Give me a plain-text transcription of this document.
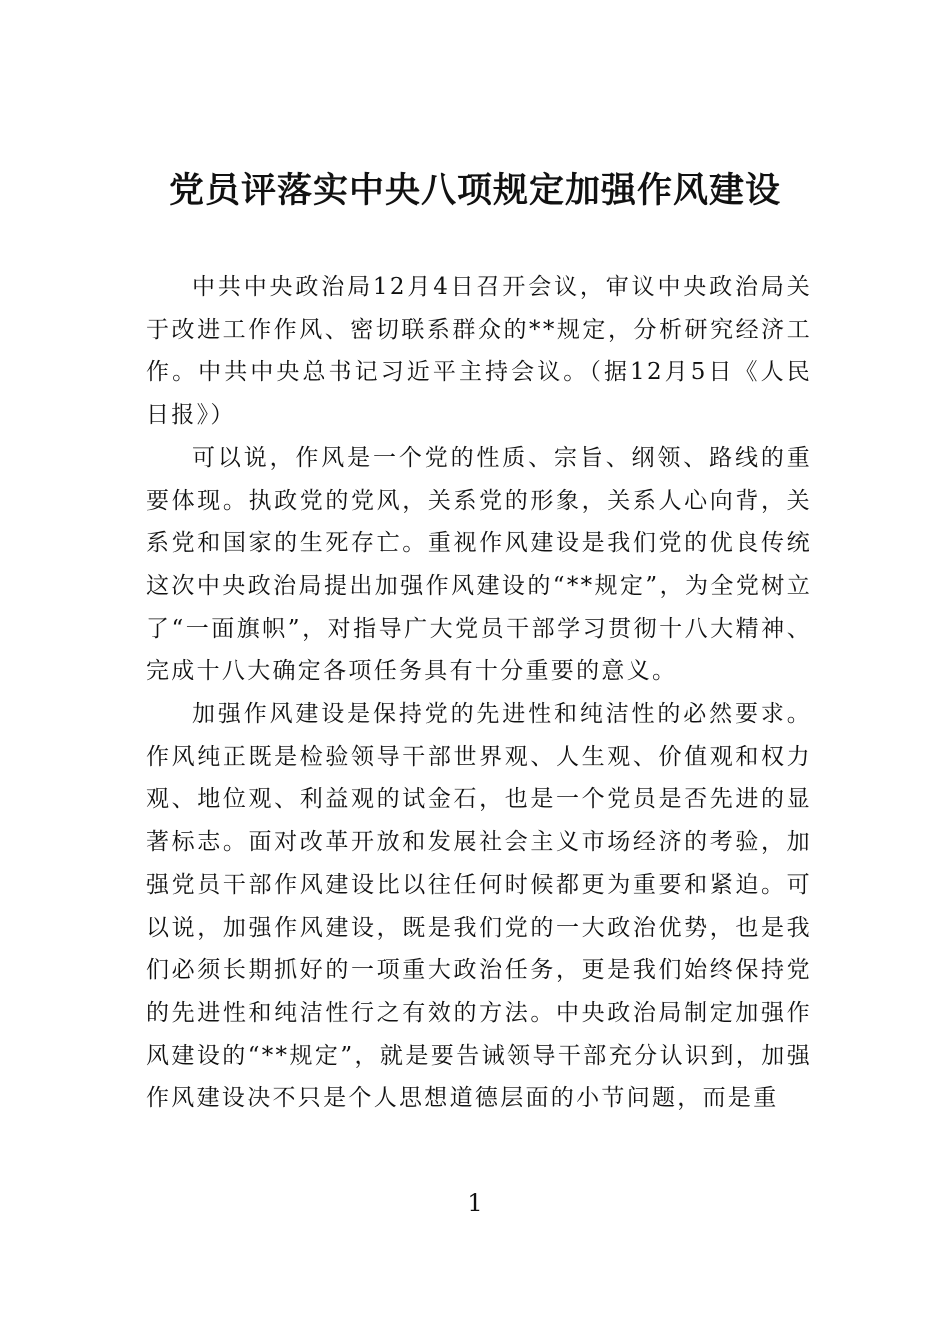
党员评落实中央八项规定加强作风建设

中共中央政治局12月4日召开会议，审议中央政治局关于改进工作作风、密切联系群众的**规定，分析研究经济工作。中共中央总书记习近平主持会议。（据12月5日《人民日报》）

可以说，作风是一个党的性质、宗旨、纲领、路线的重要体现。执政党的党风，关系党的形象，关系人心向背，关系党和国家的生死存亡。重视作风建设是我们党的优良传统这次中央政治局提出加强作风建设的“**规定”，为全党树立了“一面旗帜”，对指导广大党员干部学习贯彻十八大精神、完成十八大确定各项任务具有十分重要的意义。

加强作风建设是保持党的先进性和纯洁性的必然要求。作风纯正既是检验领导干部世界观、人生观、价值观和权力观、地位观、利益观的试金石，也是一个党员是否先进的显著标志。面对改革开放和发展社会主义市场经济的考验，加强党员干部作风建设比以往任何时候都更为重要和紧迫。可以说，加强作风建设，既是我们党的一大政治优势，也是我们必须长期抓好的一项重大政治任务，更是我们始终保持党的先进性和纯洁性行之有效的方法。中央政治局制定加强作风建设的“**规定”，就是要告诫领导干部充分认识到，加强作风建设决不只是个人思想道德层面的小节问题，而是重

1
